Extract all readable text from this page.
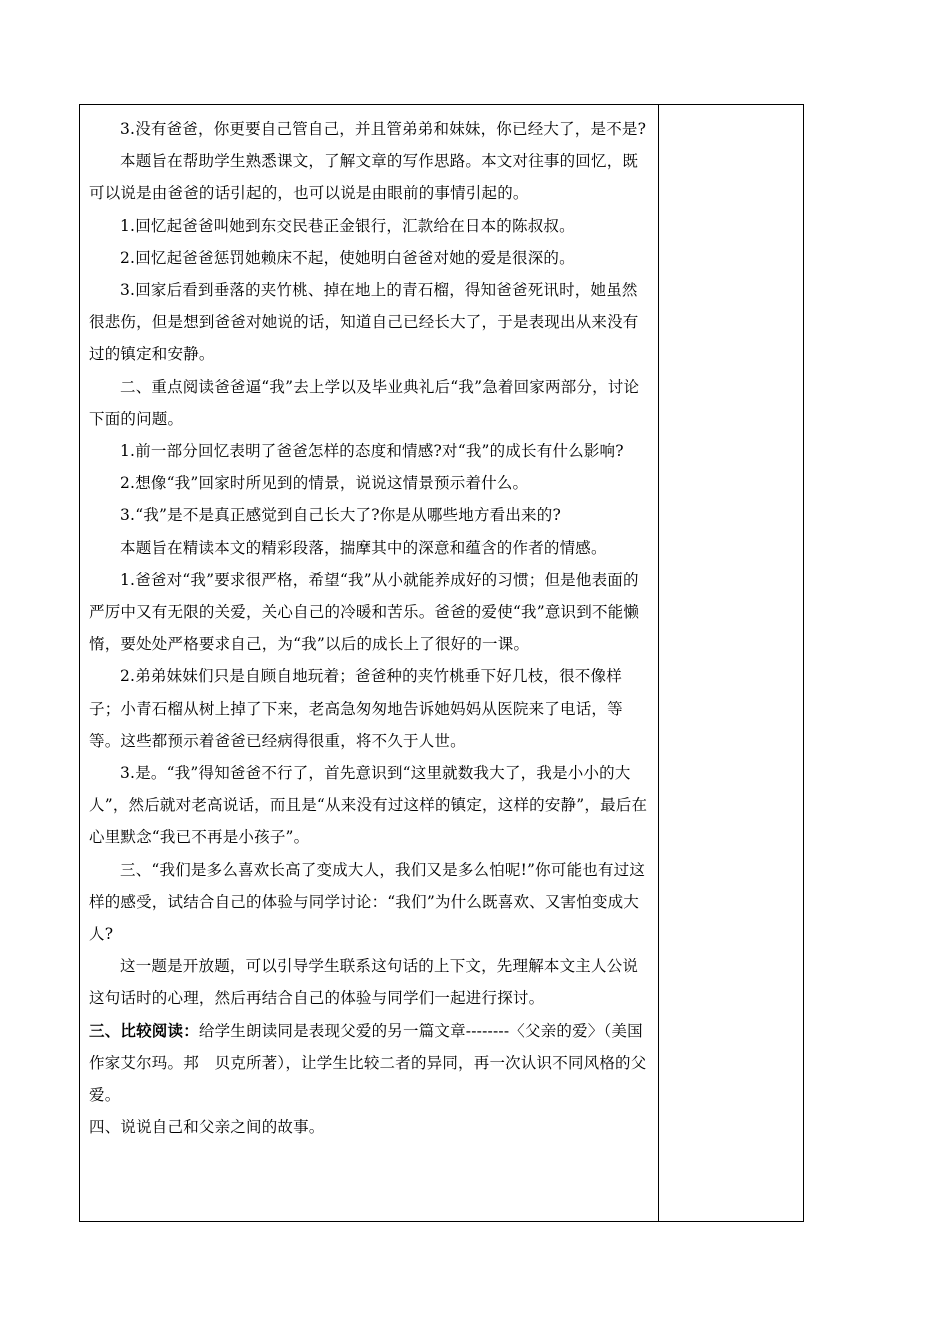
3.没有爸爸，你更要自己管自己，并且管弟弟和妹妹，你已经大了，是不是?

本题旨在帮助学生熟悉课文，了解文章的写作思路。本文对往事的回忆，既可以说是由爸爸的话引起的，也可以说是由眼前的事情引起的。

1.回忆起爸爸叫她到东交民巷正金银行，汇款给在日本的陈叔叔。

2.回忆起爸爸惩罚她赖床不起，使她明白爸爸对她的爱是很深的。

3.回家后看到垂落的夹竹桃、掉在地上的青石榴，得知爸爸死讯时，她虽然很悲伤，但是想到爸爸对她说的话，知道自己已经长大了，于是表现出从来没有过的镇定和安静。

二、重点阅读爸爸逼“我”去上学以及毕业典礼后“我”急着回家两部分，讨论下面的问题。

1.前一部分回忆表明了爸爸怎样的态度和情感?对“我”的成长有什么影响?

2.想像“我”回家时所见到的情景，说说这情景预示着什么。

3.“我”是不是真正感觉到自己长大了?你是从哪些地方看出来的?

本题旨在精读本文的精彩段落，揣摩其中的深意和蕴含的作者的情感。

1.爸爸对“我”要求很严格，希望“我”从小就能养成好的习惯；但是他表面的严厉中又有无限的关爱，关心自己的冷暖和苦乐。爸爸的爱使“我”意识到不能懒惰，要处处严格要求自己，为“我”以后的成长上了很好的一课。

2.弟弟妹妹们只是自顾自地玩着；爸爸种的夹竹桃垂下好几枝，很不像样子；小青石榴从树上掉了下来，老高急匆匆地告诉她妈妈从医院来了电话，等等。这些都预示着爸爸已经病得很重，将不久于人世。

3.是。“我”得知爸爸不行了，首先意识到“这里就数我大了，我是小小的大人”，然后就对老高说话，而且是“从来没有过这样的镇定，这样的安静”，最后在心里默念“我已不再是小孩子”。

三、“我们是多么喜欢长高了变成大人，我们又是多么怕呢!”你可能也有过这样的感受，试结合自己的体验与同学讨论：“我们”为什么既喜欢、又害怕变成大人?

这一题是开放题，可以引导学生联系这句话的上下文，先理解本文主人公说这句话时的心理，然后再结合自己的体验与同学们一起进行探讨。

三、比较阅读：给学生朗读同是表现父爱的另一篇文章--------〈父亲的爱〉（美国作家艾尔玛。邦　贝克所著），让学生比较二者的异同，再一次认识不同风格的父爱。

四、说说自己和父亲之间的故事。
